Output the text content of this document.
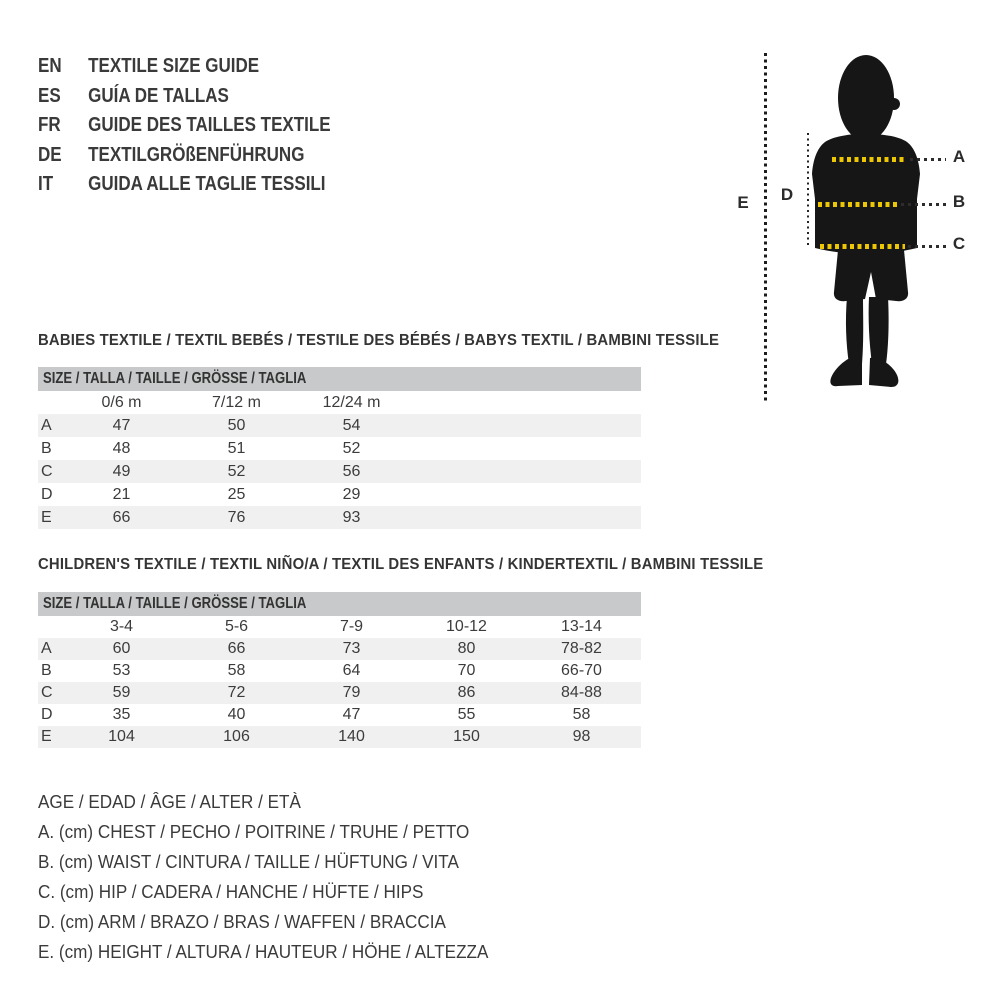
EN	TEXTILE SIZE GUIDE
ES	GUÍA DE TALLAS
FR	GUIDE DES TAILLES TEXTILE
DE	TEXTILGRÖßENFÜHRUNG
IT	GUIDA ALLE TAGLIE TESSILI
E	D
A
B
C
BABIES TEXTILE / TEXTIL BEBÉS / TESTILE DES BÉBÉS / BABYS TEXTIL / BAMBINI TESSILE
SIZE / TALLA / TAILLE / GRÖSSE / TAGLIA
0/6 m	7/12 m	12/24 m
A	47	50	54
B	48	51	52
C	49	52	56
D	21	25	29
E	66	76	93
CHILDREN'S TEXTILE / TEXTIL NIÑO/A / TEXTIL DES ENFANTS / KINDERTEXTIL / BAMBINI TESSILE
SIZE / TALLA / TAILLE / GRÖSSE / TAGLIA
3-4	5-6	7-9	10-12	13-14
A	60	66	73	80	78-82
B	53	58	64	70	66-70
C	59	72	79	86	84-88
D	35	40	47	55	58
E	104	106	140	150	98
AGE / EDAD / ÂGE / ALTER / ETÀ
A. (cm) CHEST / PECHO / POITRINE / TRUHE / PETTO
B. (cm) WAIST / CINTURA / TAILLE / HÜFTUNG / VITA
C. (cm) HIP / CADERA / HANCHE / HÜFTE / HIPS
D. (cm) ARM / BRAZO / BRAS / WAFFEN / BRACCIA
E. (cm) HEIGHT / ALTURA / HAUTEUR / HÖHE / ALTEZZA
